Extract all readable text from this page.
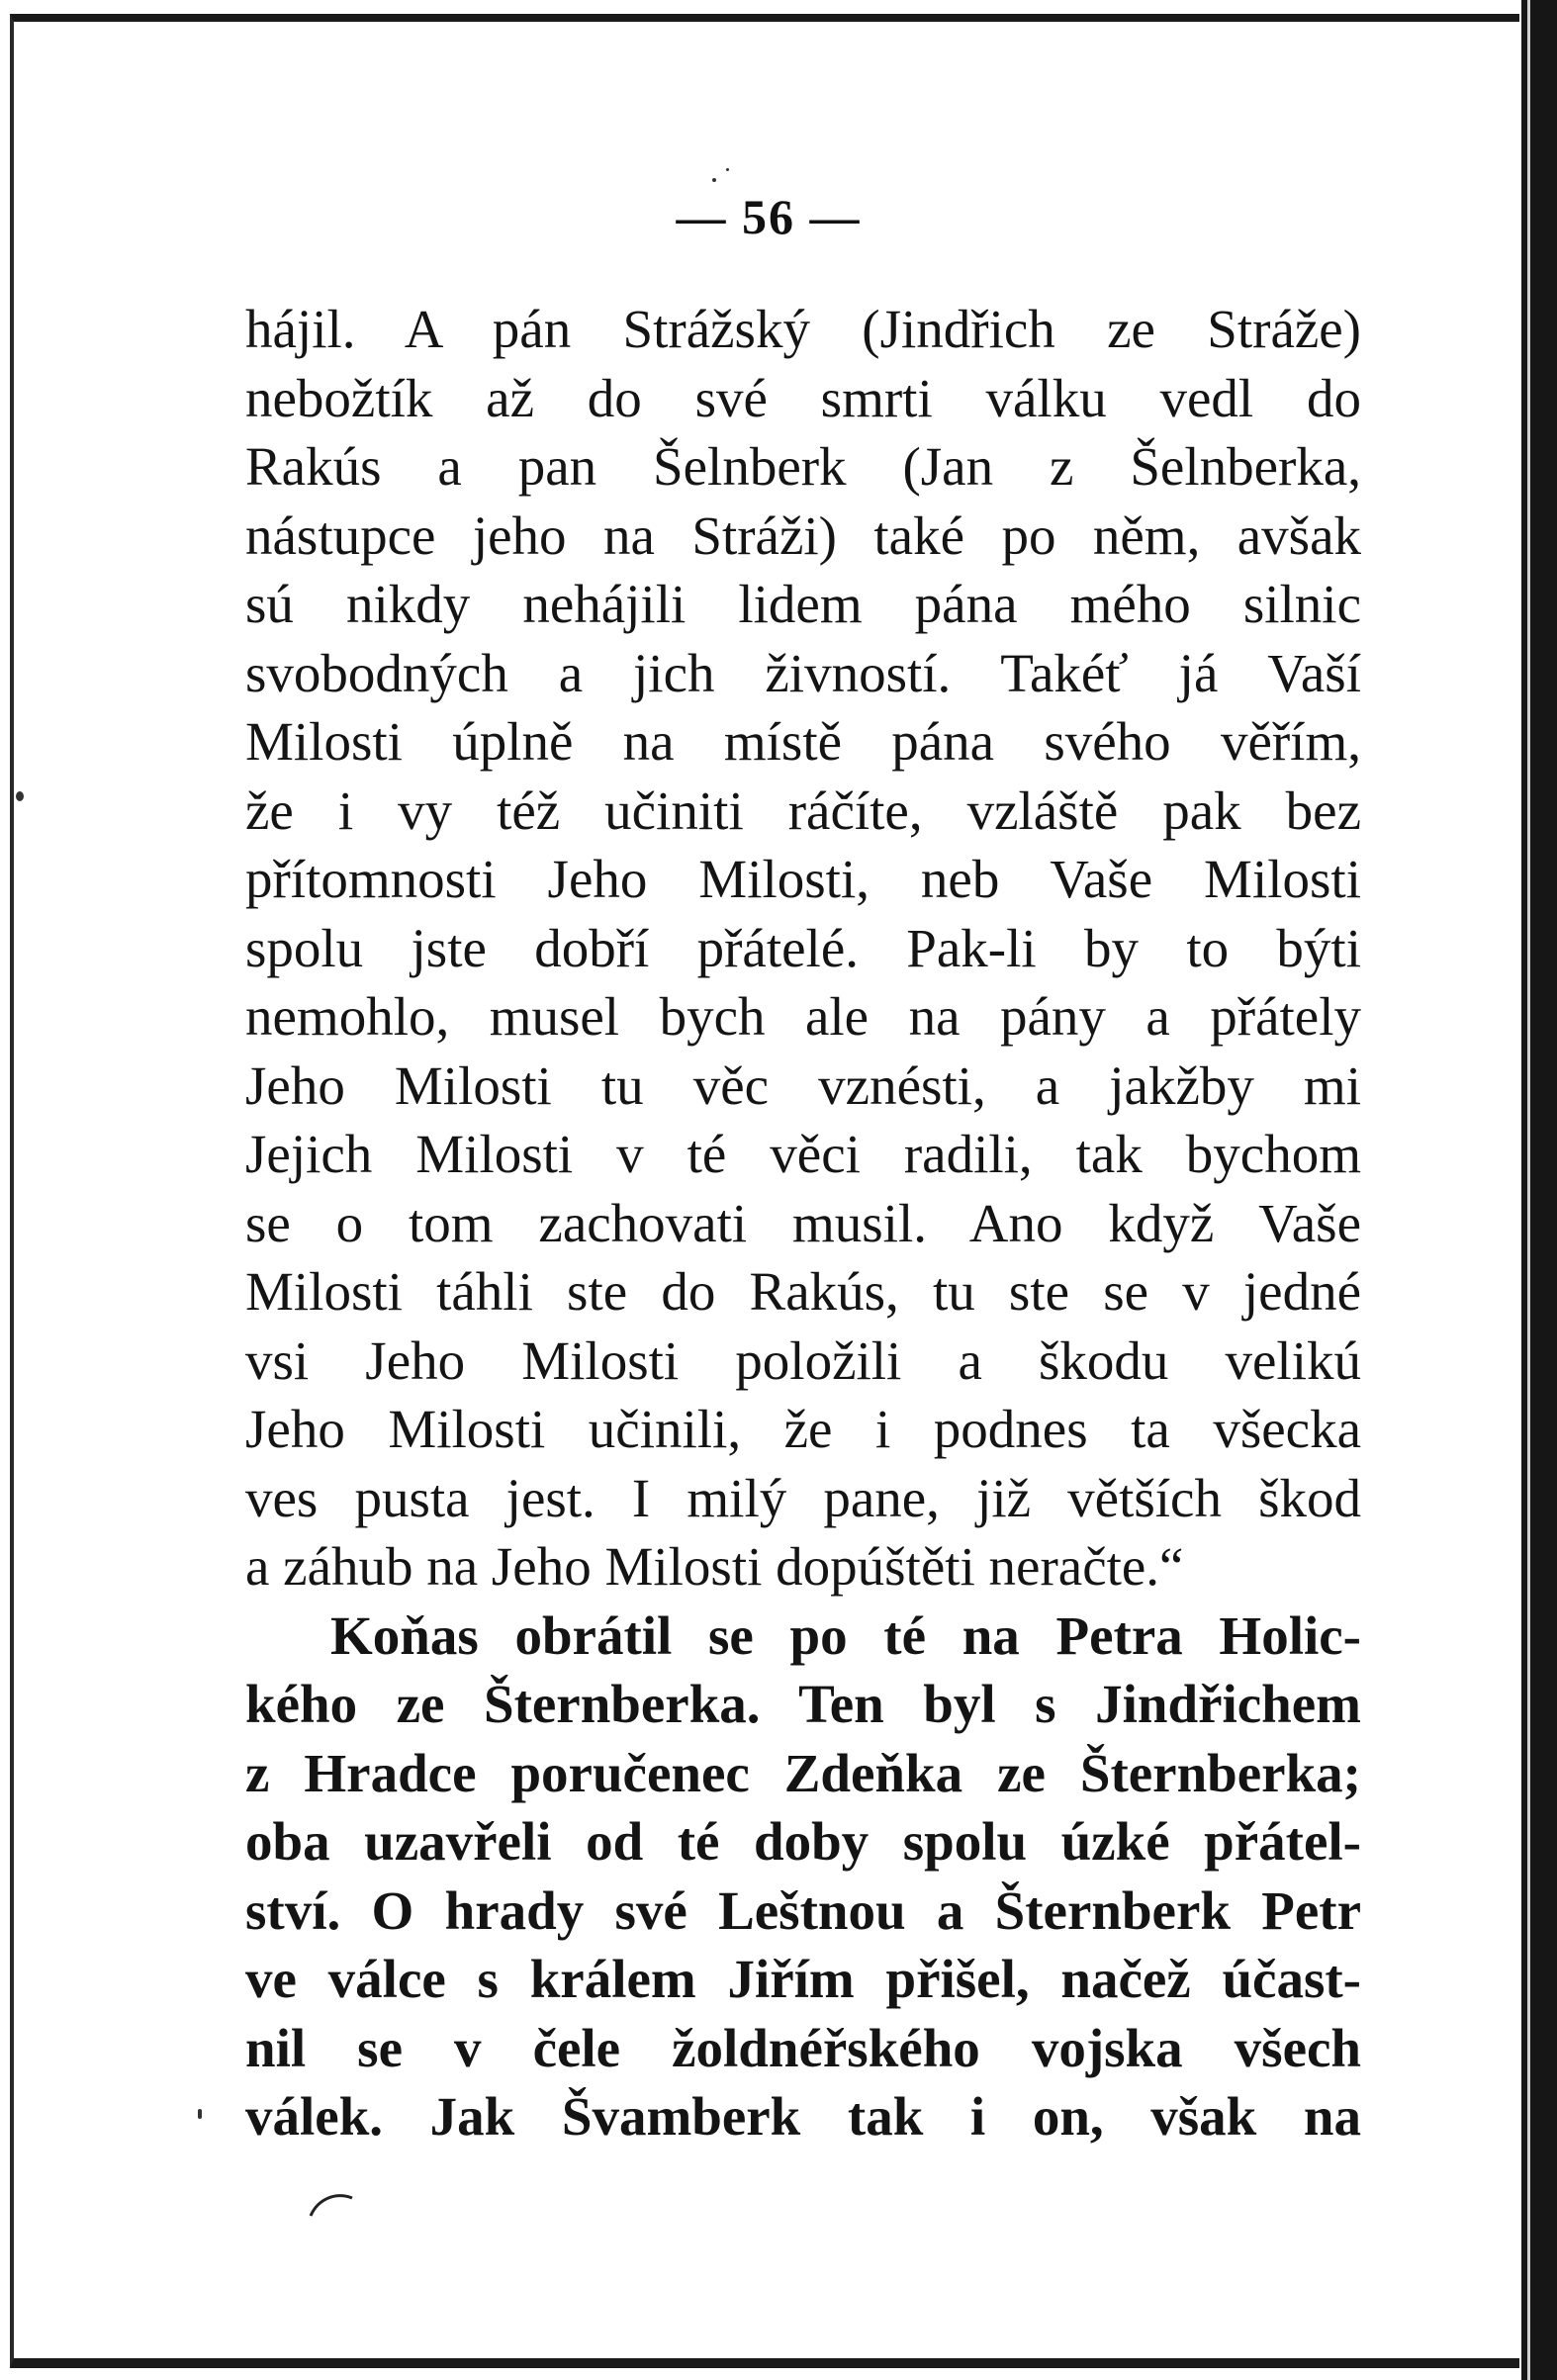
— 56 —
hájil. A pán Strážský (Jindřich ze Stráže)
nebožtík až do své smrti válku vedl do
Rakús a pan Šelnberk (Jan z Šelnberka,
nástupce jeho na Stráži) také po něm, avšak
sú nikdy nehájili lidem pána mého silnic
svobodných a jich živností. Takéť já Vaší
Milosti úplně na místě pána svého věřím,
že i vy též učiniti ráčíte, vzláště pak bez
přítomnosti Jeho Milosti, neb Vaše Milosti
spolu jste dobří přátelé. Pak-li by to býti
nemohlo, musel bych ale na pány a přátely
Jeho Milosti tu věc vznésti, a jakžby mi
Jejich Milosti v té věci radili, tak bychom
se o tom zachovati musil. Ano když Vaše
Milosti táhli ste do Rakús, tu ste se v jedné
vsi Jeho Milosti položili a škodu velikú
Jeho Milosti učinili, že i podnes ta všecka
ves pusta jest. I milý pane, již větších škod
a záhub na Jeho Milosti dopúštěti neračte.“
Koňas obrátil se po té na Petra Holic-
kého ze Šternberka. Ten byl s Jindřichem
z Hradce poručenec Zdeňka ze Šternberka;
oba uzavřeli od té doby spolu úzké přátel-
ství. O hrady své Leštnou a Šternberk Petr
ve válce s králem Jiřím přišel, načež účast-
nil se v čele žoldnéřského vojska všech
válek. Jak Švamberk tak i on, však na
